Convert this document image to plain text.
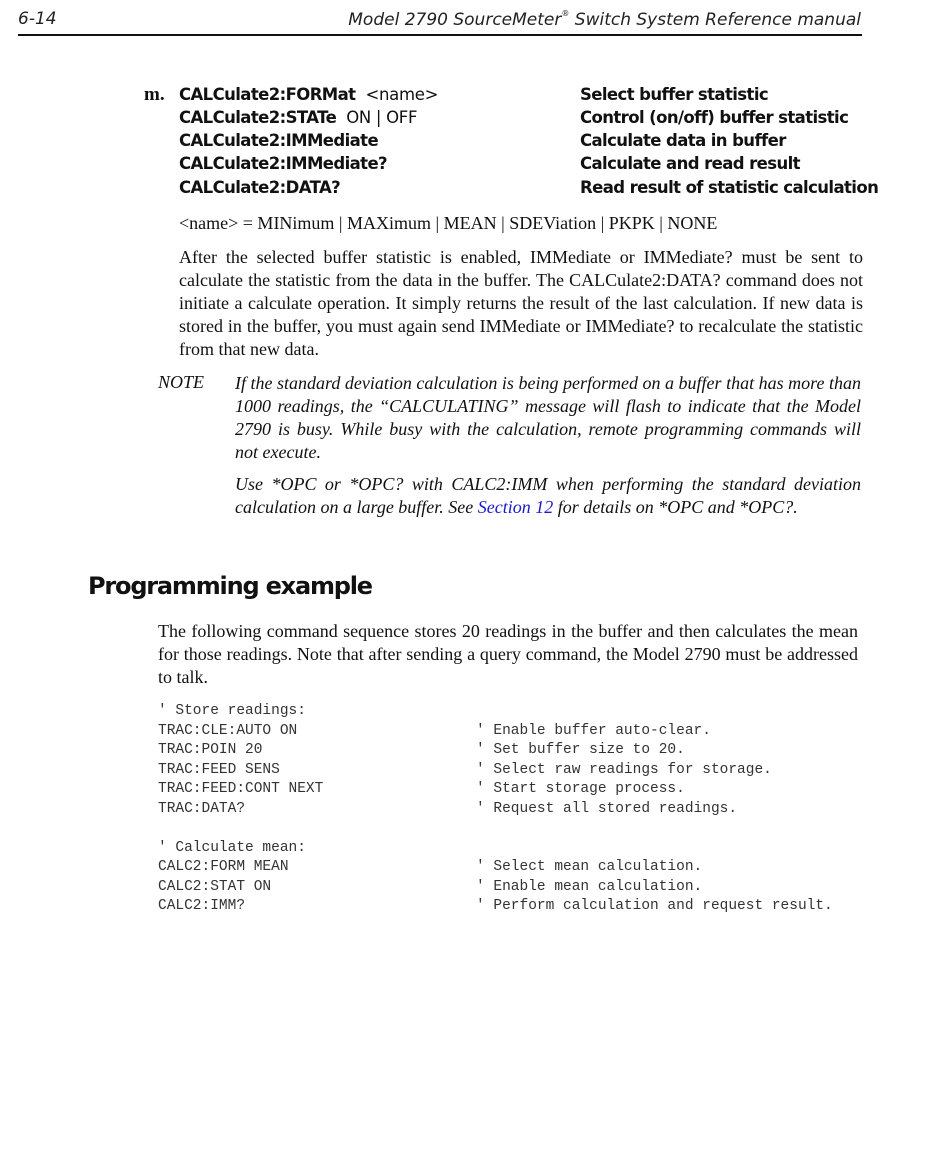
6-14	Model 2790 SourceMeter® Switch System Reference manual
m. CALCulate2:FORMat <name>	Select buffer statistic
CALCulate2:STATe ON | OFF	Control (on/off) buffer statistic
CALCulate2:IMMediate	Calculate data in buffer
CALCulate2:IMMediate?	Calculate and read result
CALCulate2:DATA?	Read result of statistic calculation
<name> = MINimum | MAXimum | MEAN | SDEViation | PKPK | NONE
After the selected buffer statistic is enabled, IMMediate or IMMediate? must be sent to calculate the statistic from the data in the buffer. The CALCulate2:DATA? command does not initiate a calculate operation. It simply returns the result of the last calculation. If new data is stored in the buffer, you must again send IMMediate or IMMediate? to recalculate the statistic from that new data.
NOTE If the standard deviation calculation is being performed on a buffer that has more than 1000 readings, the “CALCULATING” message will flash to indicate that the Model 2790 is busy. While busy with the calculation, remote programming commands will not execute.
Use *OPC or *OPC? with CALC2:IMM when performing the standard deviation calculation on a large buffer. See Section 12 for details on *OPC and *OPC?.
Programming example
The following command sequence stores 20 readings in the buffer and then calculates the mean for those readings. Note that after sending a query command, the Model 2790 must be addressed to talk.
' Store readings:
TRAC:CLE:AUTO ON	' Enable buffer auto-clear.
TRAC:POIN 20	' Set buffer size to 20.
TRAC:FEED SENS	' Select raw readings for storage.
TRAC:FEED:CONT NEXT	' Start storage process.
TRAC:DATA?	' Request all stored readings.
' Calculate mean:
CALC2:FORM MEAN	' Select mean calculation.
CALC2:STAT ON	' Enable mean calculation.
CALC2:IMM?	' Perform calculation and request result.
